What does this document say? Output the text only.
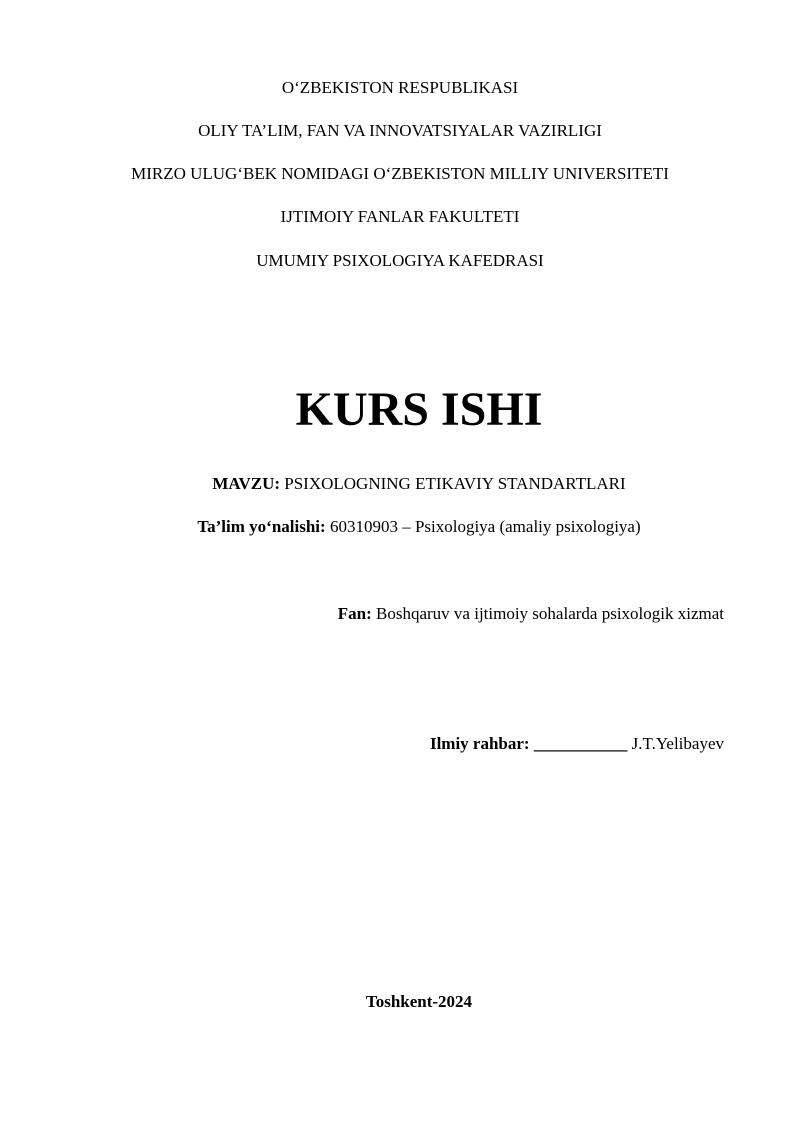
O‘ZBEKISTON RESPUBLIKASI
OLIY TA’LIM, FAN VA INNOVATSIYALAR VAZIRLIGI
MIRZO ULUG‘BEK NOMIDAGI O‘ZBEKISTON MILLIY UNIVERSITETI
IJTIMOIY FANLAR FAKULTETI
UMUMIY PSIXOLOGIYA KAFEDRASI
KURS ISHI
MAVZU: PSIXOLOGNING ETIKAVIY STANDARTLARI
Ta’lim yo‘nalishi: 60310903 – Psixologiya (amaliy psixologiya)
Fan: Boshqaruv va ijtimoiy sohalarda psixologik xizmat
Ilmiy rahbar: ___________ J.T.Yelibayev
Toshkent-2024
